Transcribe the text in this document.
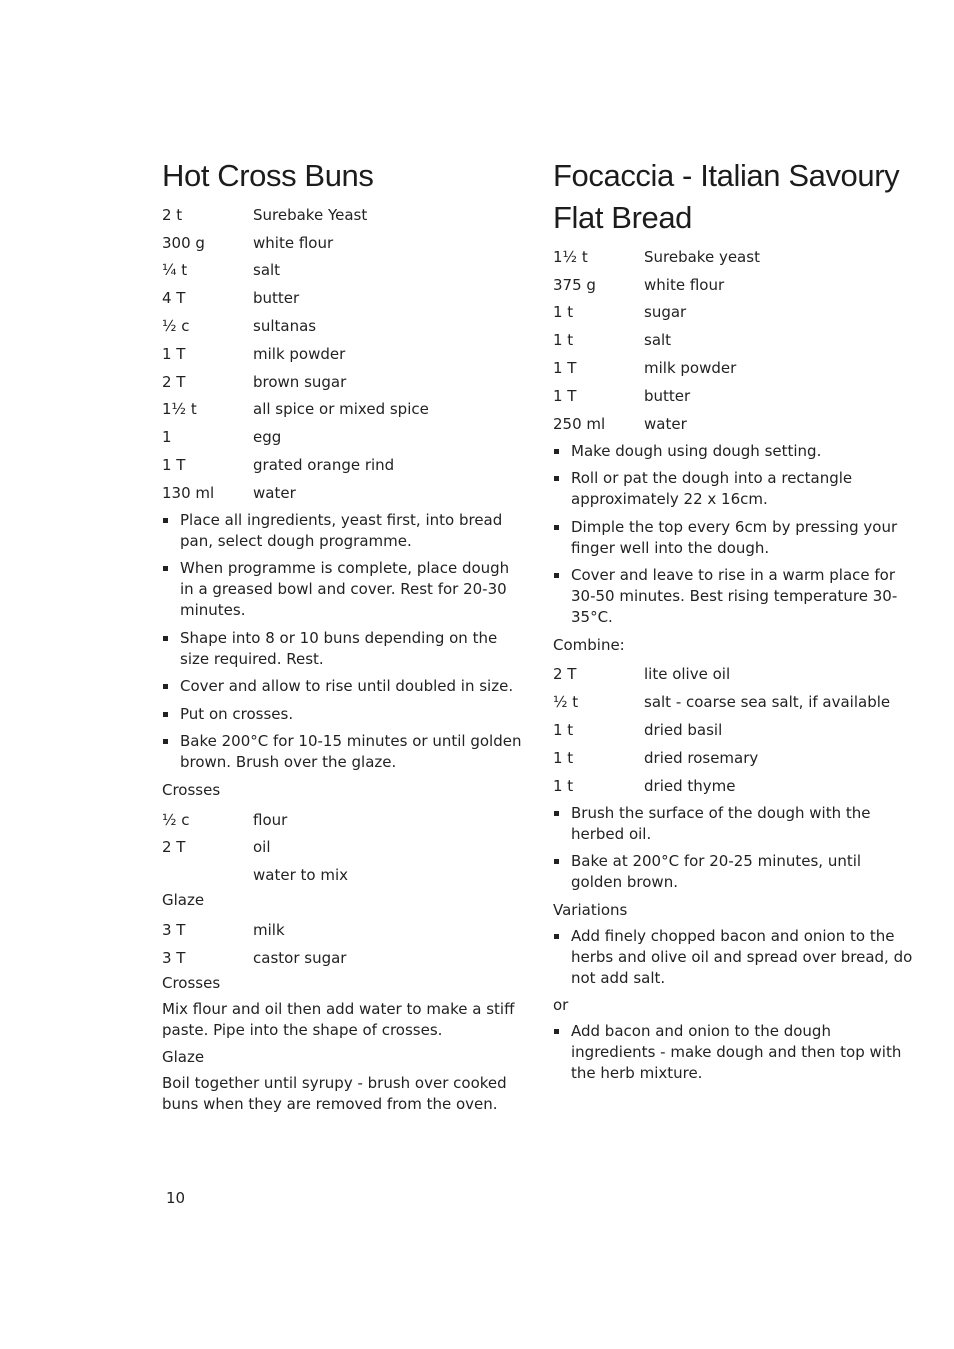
Hot Cross Buns
2 t	Surebake Yeast
300 g	white flour
¼ t	salt
4 T	butter
½ c	sultanas
1 T	milk powder
2 T	brown sugar
1½ t	all spice or mixed spice
1	egg
1 T	grated orange rind
130 ml	water
Place all ingredients, yeast first, into bread pan, select dough programme.
When programme is complete, place dough in a greased bowl and cover. Rest for 20-30 minutes.
Shape into 8 or 10 buns depending on the size required. Rest.
Cover and allow to rise until doubled in size.
Put on crosses.
Bake 200°C for 10-15 minutes or until golden brown. Brush over the glaze.
Crosses
½ c	flour
2 T	oil
water to mix
Glaze
3 T	milk
3 T	castor sugar
Crosses

Mix flour and oil then add water to make a stiff paste. Pipe into the shape of crosses.

Glaze

Boil together until syrupy - brush over cooked buns when they are removed from the oven.

Focaccia - Italian Savoury Flat Bread
1½ t	Surebake yeast
375 g	white flour
1 t	sugar
1 t	salt
1 T	milk powder
1 T	butter
250 ml	water
Make dough using dough setting.
Roll or pat the dough into a rectangle approximately 22 x 16cm.
Dimple the top every 6cm by pressing your finger well into the dough.
Cover and leave to rise in a warm place for 30-50 minutes. Best rising temperature 30-35°C.
Combine:
2 T	lite olive oil
½ t	salt - coarse sea salt, if available
1 t	dried basil
1 t	dried rosemary
1 t	dried thyme
Brush the surface of the dough with the herbed oil.
Bake at 200°C for 20-25 minutes, until golden brown.
Variations
Add finely chopped bacon and onion to the herbs and olive oil and spread over bread, do not add salt.
or
Add bacon and onion to the dough ingredients - make dough and then top with the herb mixture.
10
